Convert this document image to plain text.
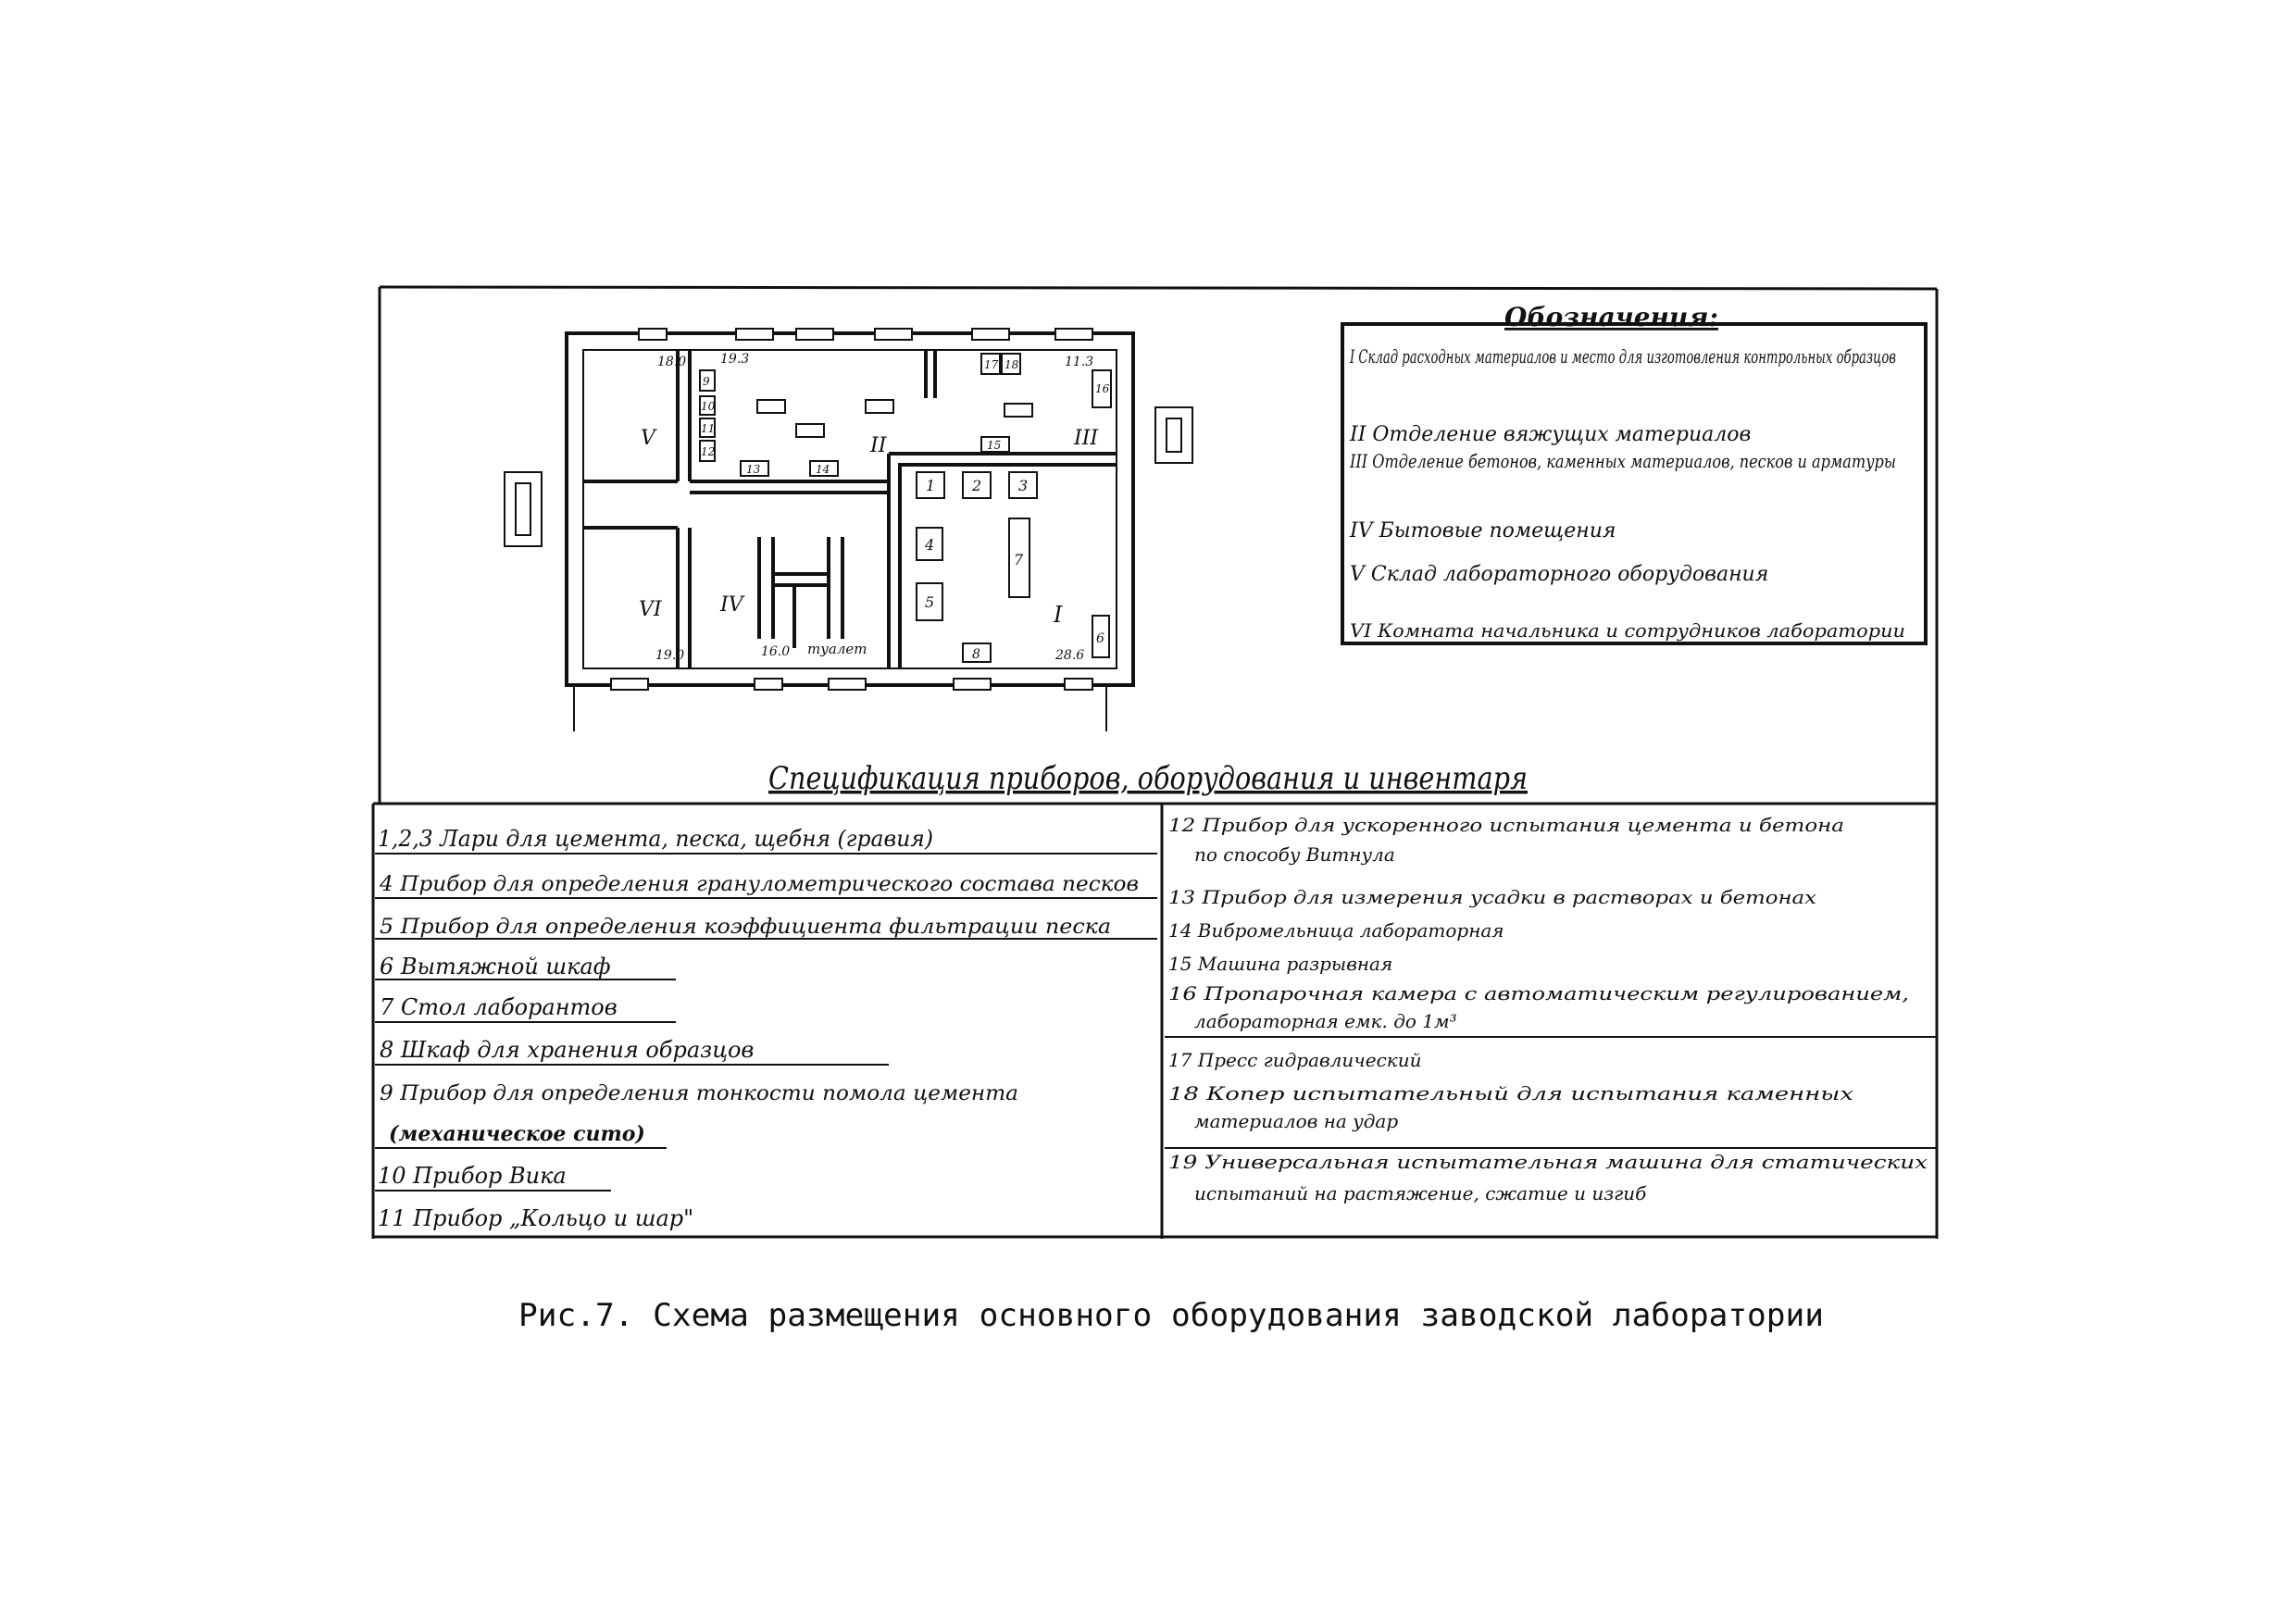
Обозначения:
I Склад расходных материалов и место для изготовления контрольных образцов
II Отделение вяжущих материалов
III Отделение бетонов, каменных материалов, песков и арматуры
IV Бытовые помещения
V Склад лабораторного оборудования
VI Комната начальника и сотрудников лаборатории
V
VI	IV
II	III
I
18.0	19.3	11.3
19.0	16.0	28.6
туалет
1 2 3
4
5
6
7
8
9
10
11
12
13	14
15
16
17 18
Спецификация приборов, оборудования и инвентаря
1,2,3 Лари для цемента, песка, щебня (гравия)
4 Прибор для определения гранулометрического состава песков
5 Прибор для определения коэффициента фильтрации песка
6 Вытяжной шкаф
7 Стол лаборантов
8 Шкаф для хранения образцов
9 Прибор для определения тонкости помола цемента
(механическое сито)
10 Прибор Вика
11 Прибор „Кольцо и шар"
12 Прибор для ускоренного испытания цемента и бетона
по способу Витнула
13 Прибор для измерения усадки в растворах и бетонах
14 Вибромельница лабораторная
15 Машина разрывная
16 Пропарочная камера с автоматическим регулированием,
лабораторная емк. до 1м³
17 Пресс гидравлический
18 Копер испытательный для испытания каменных
материалов на удар
19 Универсальная испытательная машина для статических
испытаний на растяжение, сжатие и изгиб
Рис.7. Схема размещения основного оборудования заводской лаборатории
